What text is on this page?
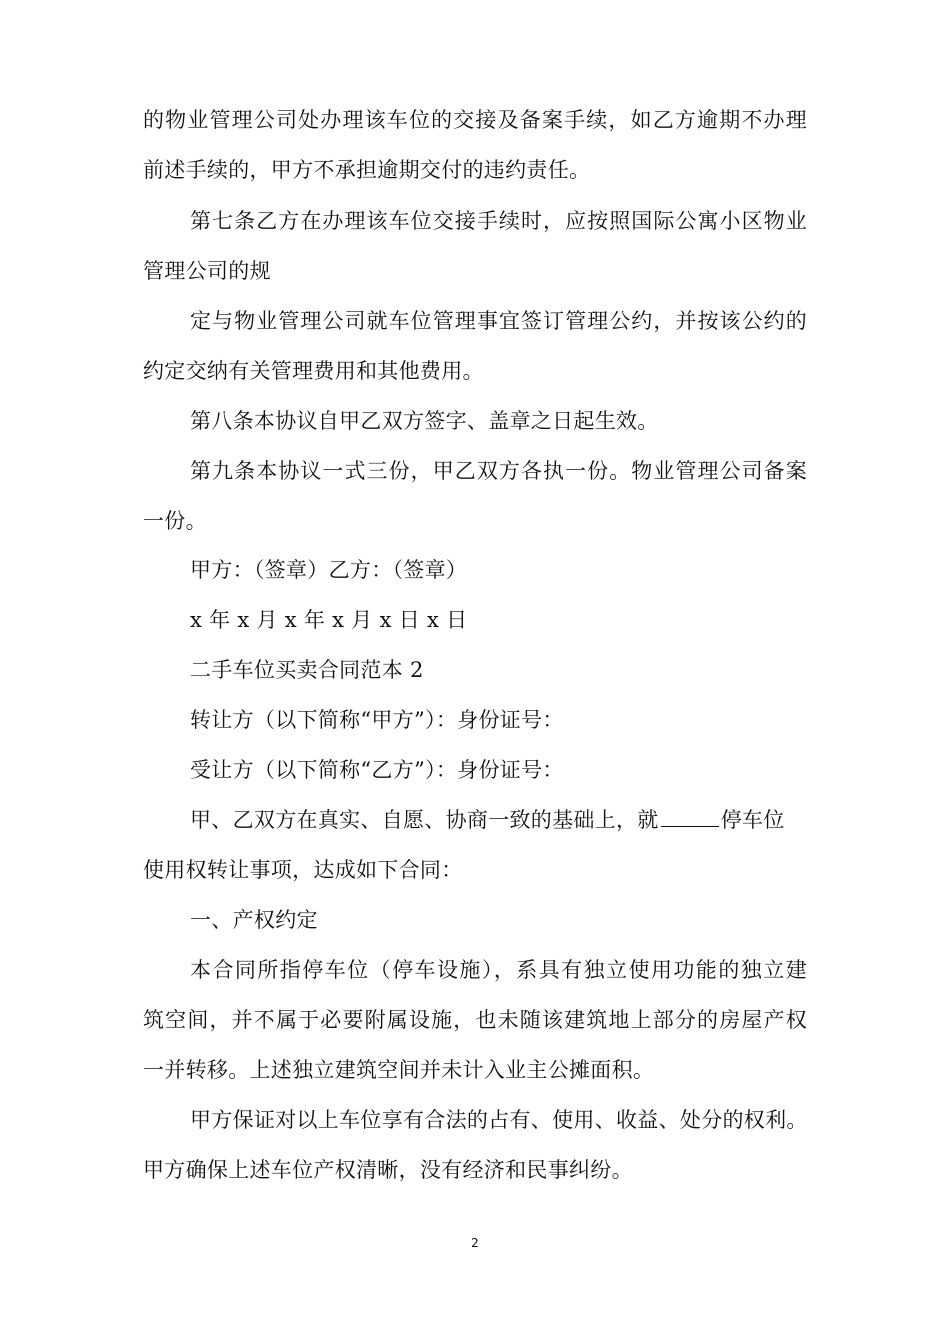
的物业管理公司处办理该车位的交接及备案手续，如乙方逾期不办理
前述手续的，甲方不承担逾期交付的违约责任。
第七条乙方在办理该车位交接手续时，应按照国际公寓小区物业
管理公司的规
定与物业管理公司就车位管理事宜签订管理公约，并按该公约的
约定交纳有关管理费用和其他费用。
第八条本协议自甲乙双方签字、盖章之日起生效。
第九条本协议一式三份，甲乙双方各执一份。物业管理公司备案
一份。
甲方：（签章）乙方：（签章）
x 年 x 月 x 年 x 月 x 日 x 日
二手车位买卖合同范本 2
转让方（以下简称“甲方”）：身份证号：
受让方（以下简称“乙方”）：身份证号：
甲、乙双方在真实、自愿、协商一致的基础上，就	停车位
使用权转让事项，达成如下合同：
一、产权约定
本合同所指停车位（停车设施），系具有独立使用功能的独立建
筑空间，并不属于必要附属设施，也未随该建筑地上部分的房屋产权
一并转移。上述独立建筑空间并未计入业主公摊面积。
甲方保证对以上车位享有合法的占有、使用、收益、处分的权利。
甲方确保上述车位产权清晰，没有经济和民事纠纷。
2
